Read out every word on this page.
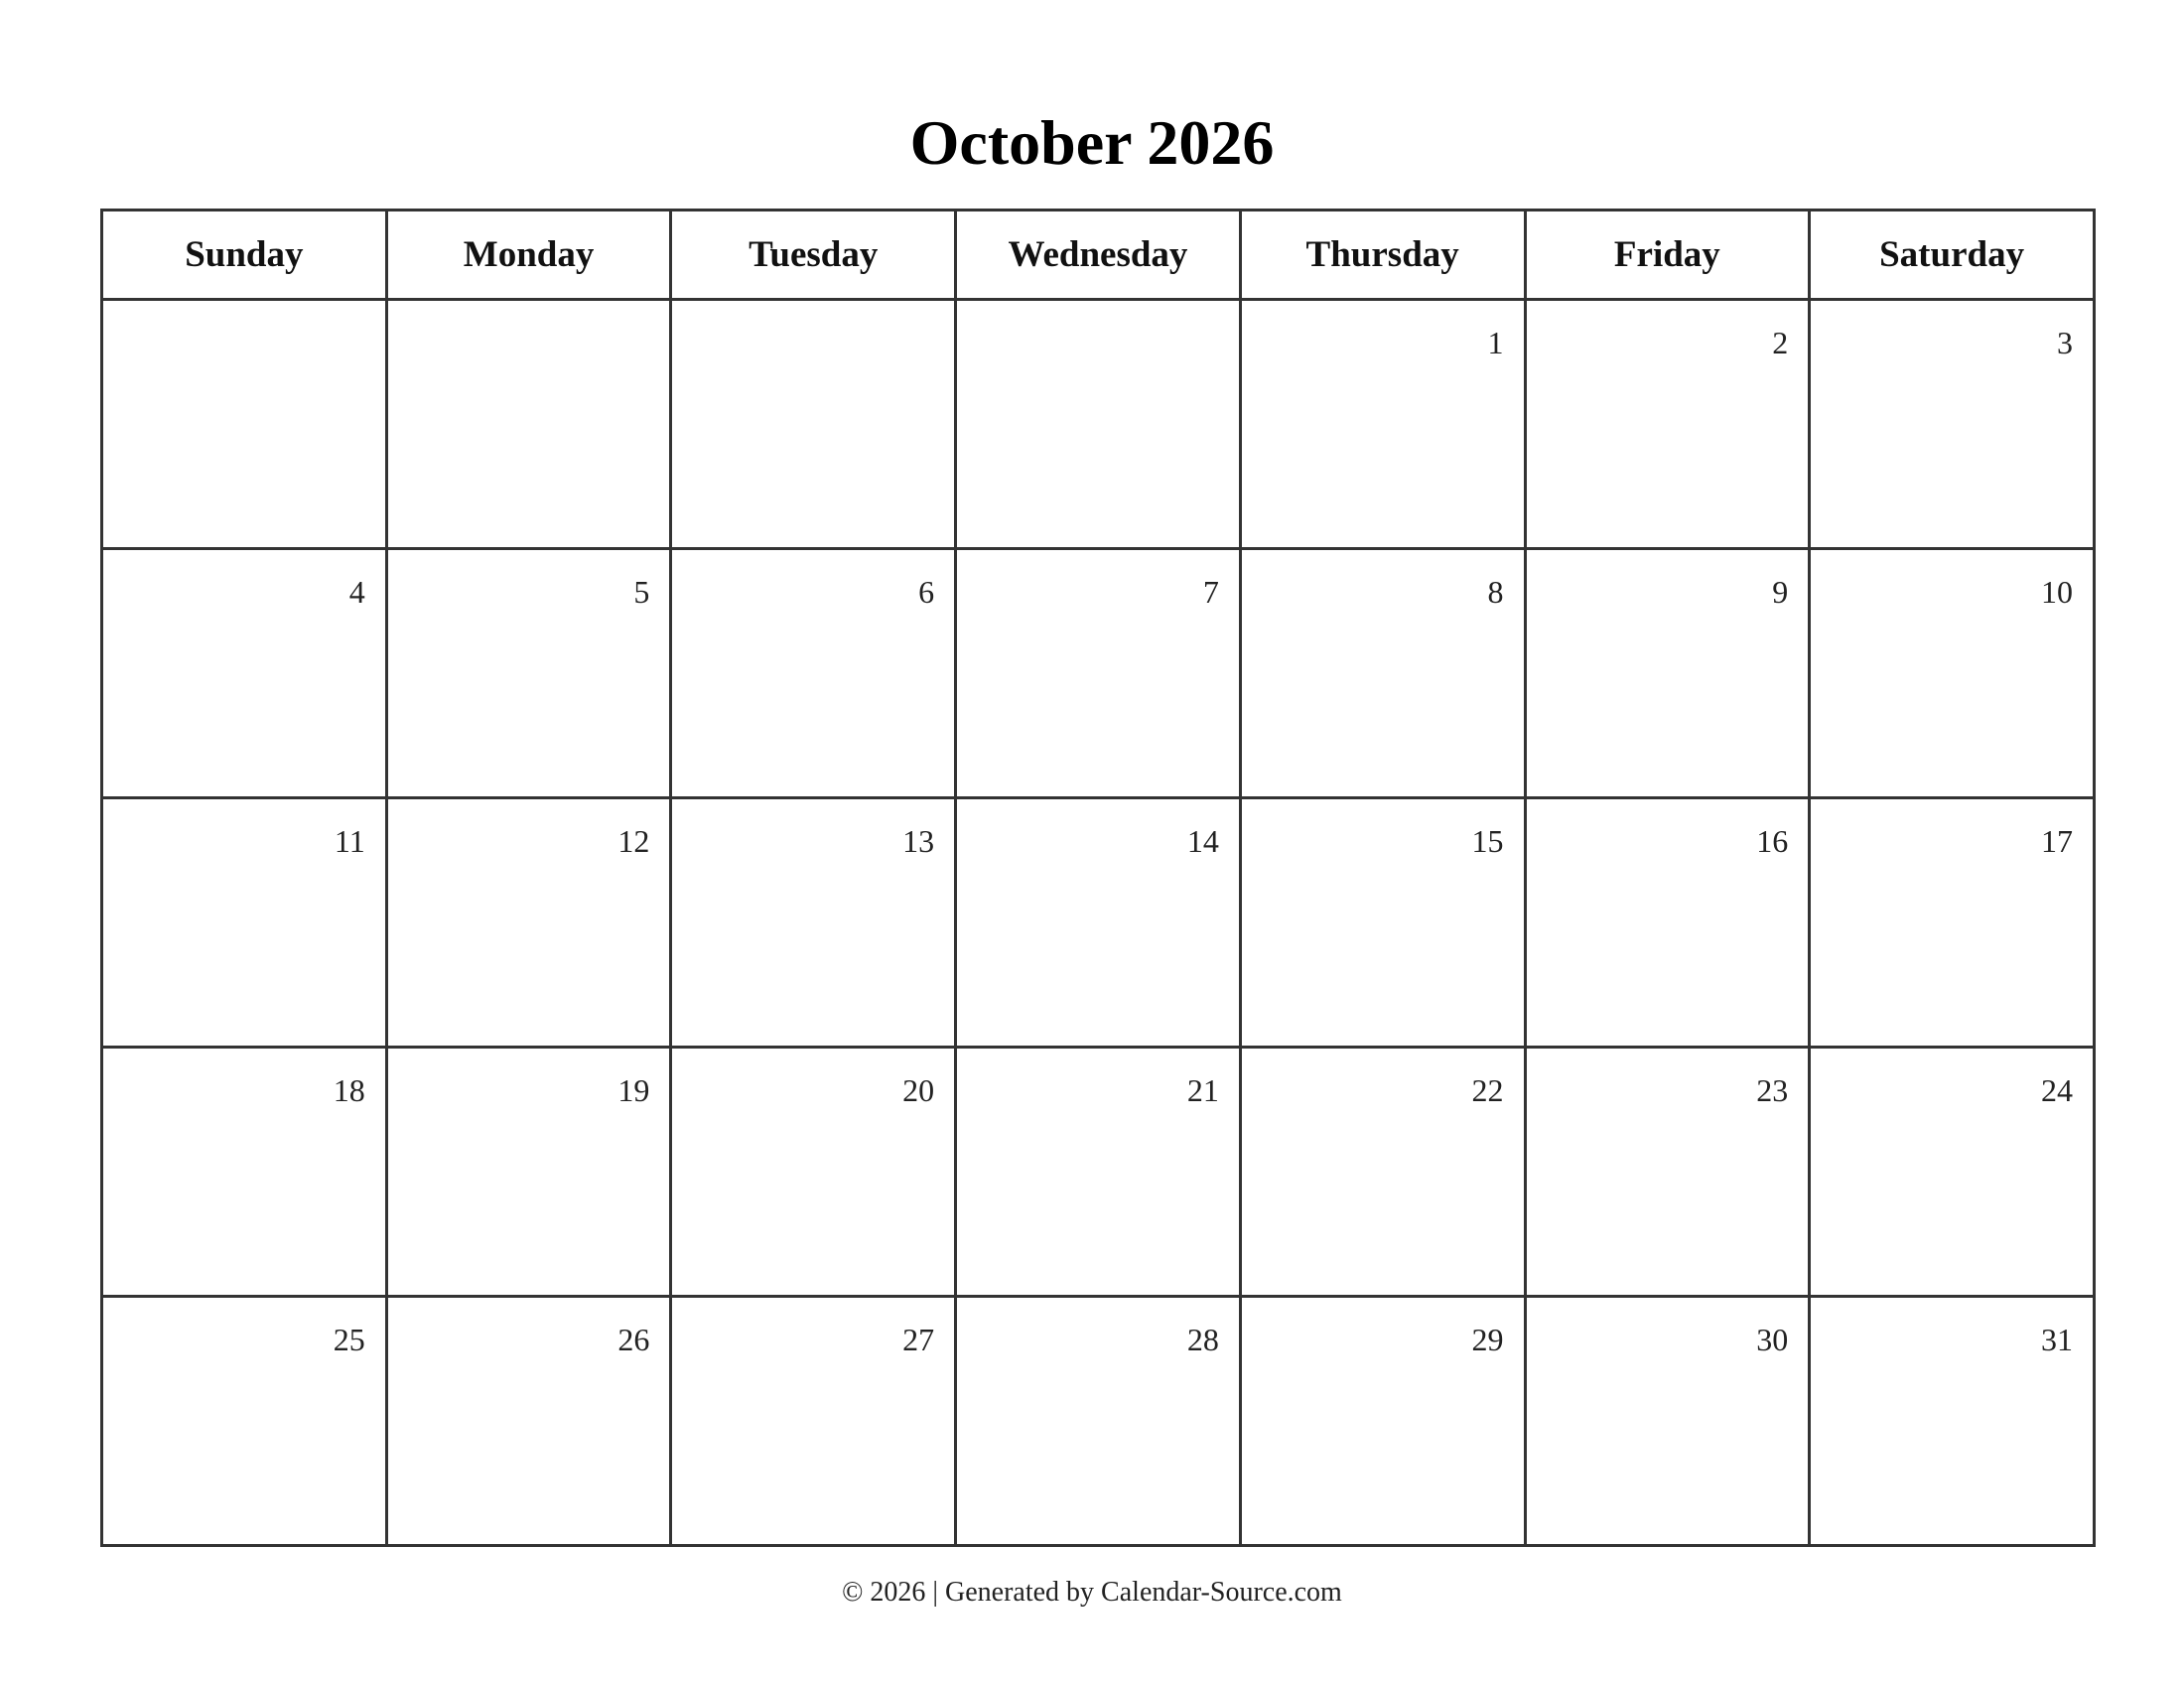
October 2026
Sunday	Monday	Tuesday	Wednesday	Thursday	Friday	Saturday

				1	2	3

4	5	6	7	8	9	10

11	12	13	14	15	16	17

18	19	20	21	22	23	24

25	26	27	28	29	30	31
© 2026 | Generated by Calendar-Source.com
